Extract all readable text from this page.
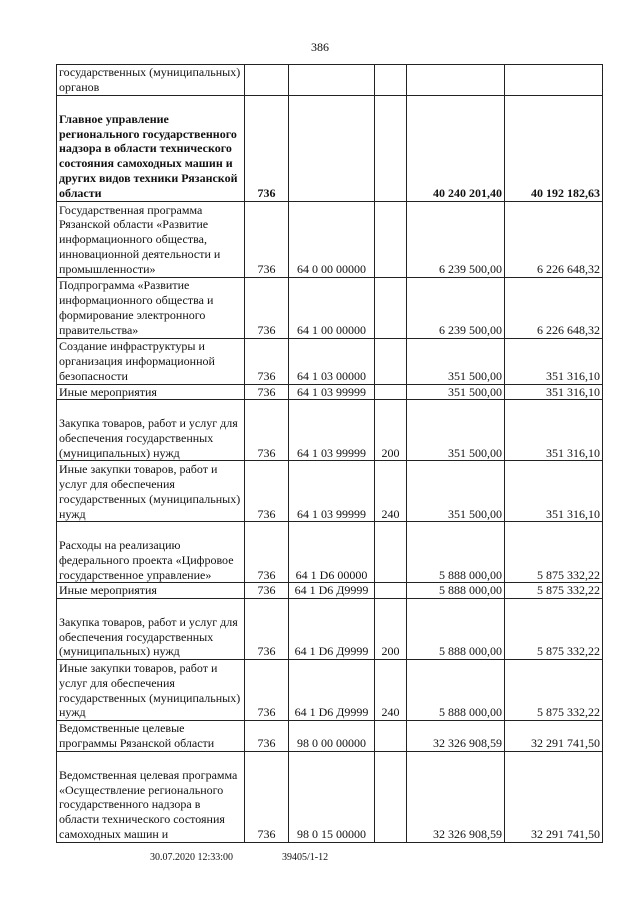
386
государственных (муниципальных) органов					
Главное управление регионального государственного надзора в области технического состояния самоходных машин и других видов техники Рязанской области	736			40 240 201,40	40 192 182,63
Государственная программа Рязанской области «Развитие информационного общества, инновационной деятельности и промышленности»	736	64 0 00 00000		6 239 500,00	6 226 648,32
Подпрограмма «Развитие информационного общества и формирование электронного правительства»	736	64 1 00 00000		6 239 500,00	6 226 648,32
Создание инфраструктуры и организация информационной безопасности	736	64 1 03 00000		351 500,00	351 316,10
Иные мероприятия	736	64 1 03 99999		351 500,00	351 316,10
Закупка товаров, работ и услуг для обеспечения государственных (муниципальных) нужд	736	64 1 03 99999	200	351 500,00	351 316,10
Иные закупки товаров, работ и услуг для обеспечения государственных (муниципальных) нужд	736	64 1 03 99999	240	351 500,00	351 316,10
Расходы на реализацию федерального проекта «Цифровое государственное управление»	736	64 1 D6 00000		5 888 000,00	5 875 332,22
Иные мероприятия	736	64 1 D6 Д9999		5 888 000,00	5 875 332,22
Закупка товаров, работ и услуг для обеспечения государственных (муниципальных) нужд	736	64 1 D6 Д9999	200	5 888 000,00	5 875 332,22
Иные закупки товаров, работ и услуг для обеспечения государственных (муниципальных) нужд	736	64 1 D6 Д9999	240	5 888 000,00	5 875 332,22
Ведомственные целевые программы Рязанской области	736	98 0 00 00000		32 326 908,59	32 291 741,50
Ведомственная целевая программа «Осуществление регионального государственного надзора в области технического состояния самоходных машин и	736	98 0 15 00000		32 326 908,59	32 291 741,50
30.07.2020 12:33:00	39405/1-12
